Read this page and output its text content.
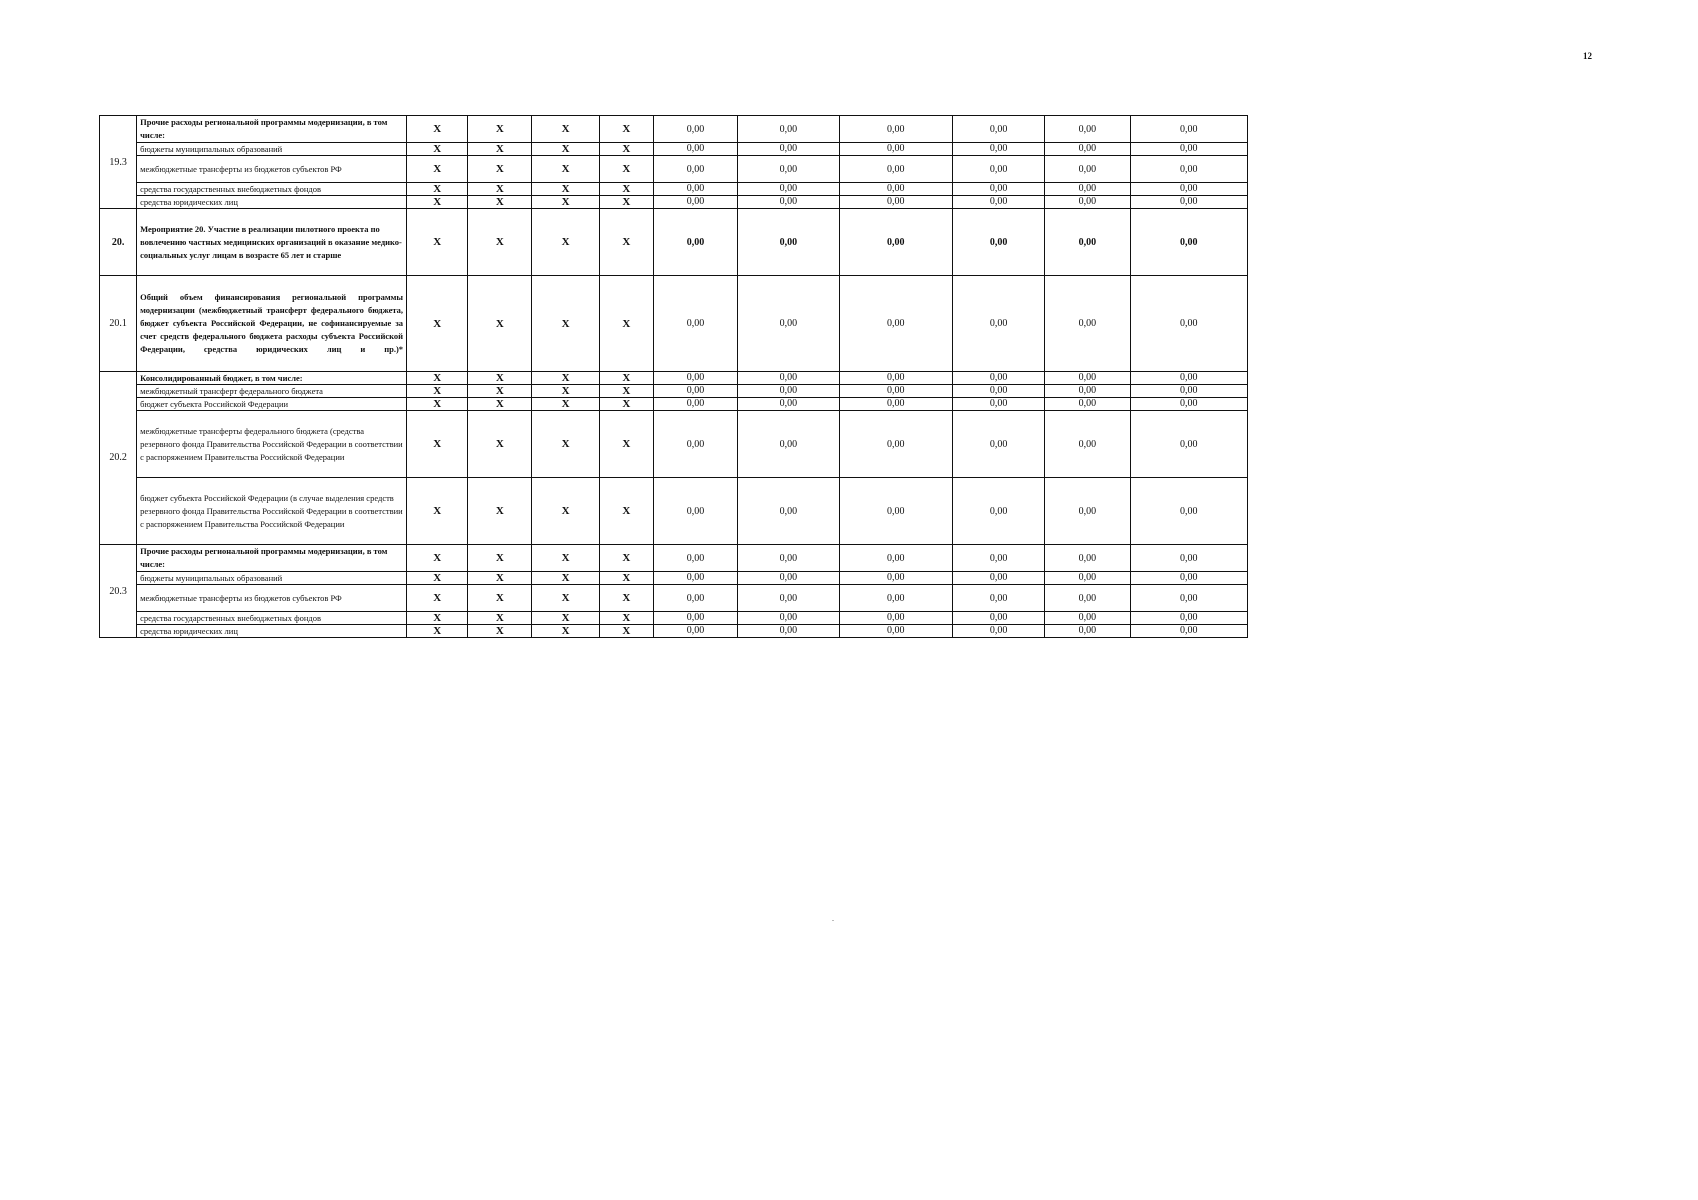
12
19.3	Прочие расходы региональной программы модернизации, в том числе:	X	X	X	X	0,00	0,00	0,00	0,00	0,00	0,00
	бюджеты муниципальных образований	X	X	X	X	0,00	0,00	0,00	0,00	0,00	0,00
	межбюджетные трансферты из бюджетов субъектов РФ	X	X	X	X	0,00	0,00	0,00	0,00	0,00	0,00
	средства государственных внебюджетных фондов	X	X	X	X	0,00	0,00	0,00	0,00	0,00	0,00
	средства юридических лиц	X	X	X	X	0,00	0,00	0,00	0,00	0,00	0,00
20.	Мероприятие 20. Участие в реализации пилотного проекта по вовлечению частных медицинских организаций в оказание медико-социальных услуг лицам в возрасте 65 лет и старше	X	X	X	X	0,00	0,00	0,00	0,00	0,00	0,00
20.1	Общий объем финансирования региональной программы модернизации (межбюджетный трансферт федерального бюджета, бюджет субъекта Российской Федерации, не софинансируемые за счет средств федерального бюджета расходы субъекта Российской Федерации, средства юридических лиц и пр.)*	X	X	X	X	0,00	0,00	0,00	0,00	0,00	0,00
20.2	Консолидированный бюджет, в том числе:	X	X	X	X	0,00	0,00	0,00	0,00	0,00	0,00
	межбюджетный трансферт федерального бюджета	X	X	X	X	0,00	0,00	0,00	0,00	0,00	0,00
	бюджет субъекта Российской Федерации	X	X	X	X	0,00	0,00	0,00	0,00	0,00	0,00
	межбюджетные трансферты федерального бюджета (средства резервного фонда Правительства Российской Федерации в соответствии с распоряжением Правительства Российской Федерации	X	X	X	X	0,00	0,00	0,00	0,00	0,00	0,00
	бюджет субъекта Российской Федерации (в случае выделения средств резервного фонда Правительства Российской Федерации в соответствии с распоряжением Правительства Российской Федерации	X	X	X	X	0,00	0,00	0,00	0,00	0,00	0,00
20.3	Прочие расходы региональной программы модернизации, в том числе:	X	X	X	X	0,00	0,00	0,00	0,00	0,00	0,00
	бюджеты муниципальных образований	X	X	X	X	0,00	0,00	0,00	0,00	0,00	0,00
	межбюджетные трансферты из бюджетов субъектов РФ	X	X	X	X	0,00	0,00	0,00	0,00	0,00	0,00
	средства государственных внебюджетных фондов	X	X	X	X	0,00	0,00	0,00	0,00	0,00	0,00
	средства юридических лиц	X	X	X	X	0,00	0,00	0,00	0,00	0,00	0,00
